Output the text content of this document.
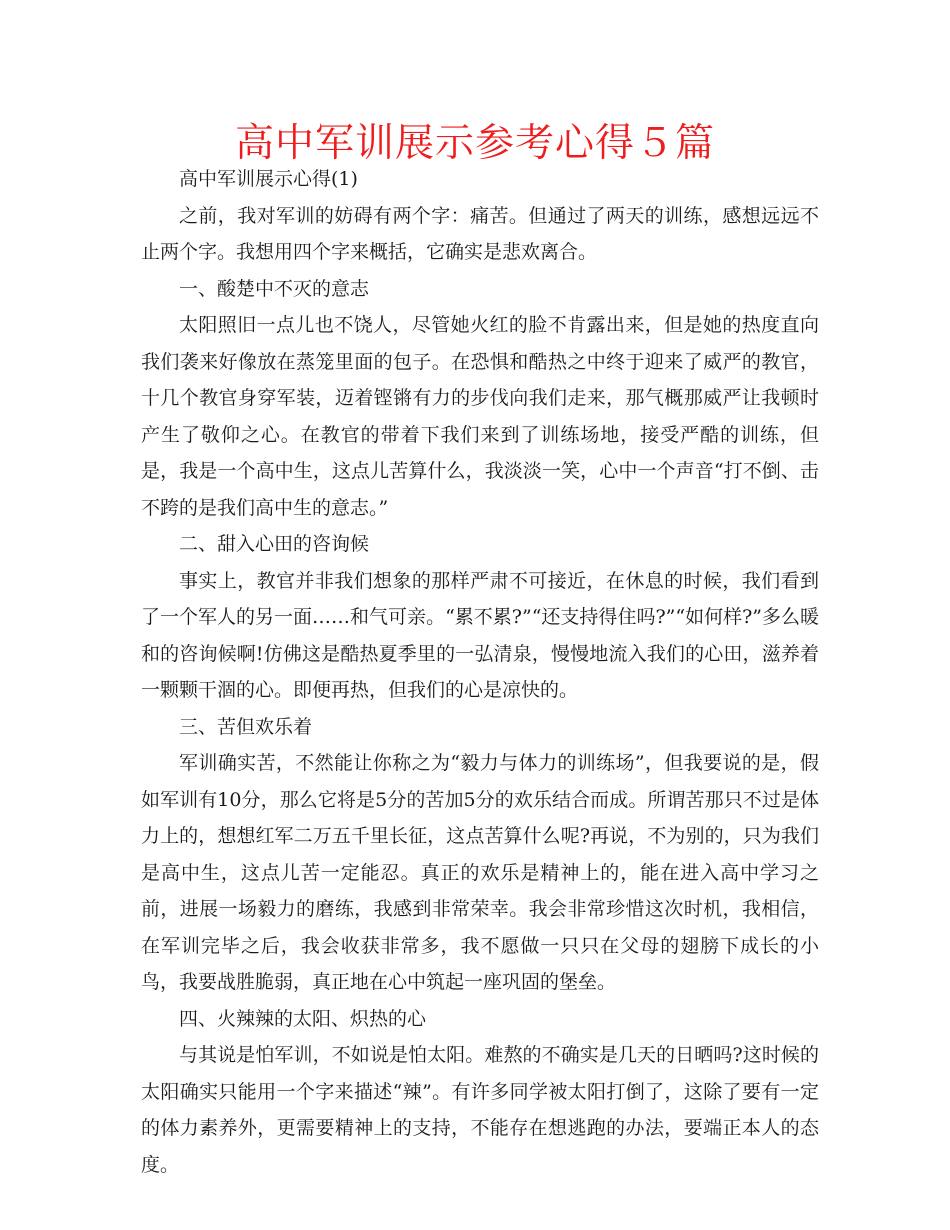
高中军训展示参考心得５篇

高中军训展示心得(1)

之前，我对军训的妨碍有两个字：痛苦。但通过了两天的训练，感想远远不止两个字。我想用四个字来概括，它确实是悲欢离合。

一、酸楚中不灭的意志

太阳照旧一点儿也不饶人，尽管她火红的脸不肯露出来，但是她的热度直向我们袭来好像放在蒸笼里面的包子。在恐惧和酷热之中终于迎来了威严的教官，十几个教官身穿军装，迈着铿锵有力的步伐向我们走来，那气概那威严让我顿时产生了敬仰之心。在教官的带着下我们来到了训练场地，接受严酷的训练，但是，我是一个高中生，这点儿苦算什么，我淡淡一笑，心中一个声音“打不倒、击不跨的是我们高中生的意志。”

二、甜入心田的咨询候

事实上，教官并非我们想象的那样严肃不可接近，在休息的时候，我们看到了一个军人的另一面……和气可亲。“累不累?”“还支持得住吗?”“如何样?”多么暖和的咨询候啊!仿佛这是酷热夏季里的一弘清泉，慢慢地流入我们的心田，滋养着一颗颗干涸的心。即便再热，但我们的心是凉快的。

三、苦但欢乐着

军训确实苦，不然能让你称之为“毅力与体力的训练场”，但我要说的是，假如军训有10分，那么它将是5分的苦加5分的欢乐结合而成。所谓苦那只不过是体力上的，想想红军二万五千里长征，这点苦算什么呢?再说，不为别的，只为我们是高中生，这点儿苦一定能忍。真正的欢乐是精神上的，能在进入高中学习之前，进展一场毅力的磨练，我感到非常荣幸。我会非常珍惜这次时机，我相信，在军训完毕之后，我会收获非常多，我不愿做一只只在父母的翅膀下成长的小鸟，我要战胜脆弱，真正地在心中筑起一座巩固的堡垒。

四、火辣辣的太阳、炽热的心

与其说是怕军训，不如说是怕太阳。难熬的不确实是几天的日晒吗?这时候的太阳确实只能用一个字来描述“辣”。有许多同学被太阳打倒了，这除了要有一定的体力素养外，更需要精神上的支持，不能存在想逃跑的办法，要端正本人的态度。
